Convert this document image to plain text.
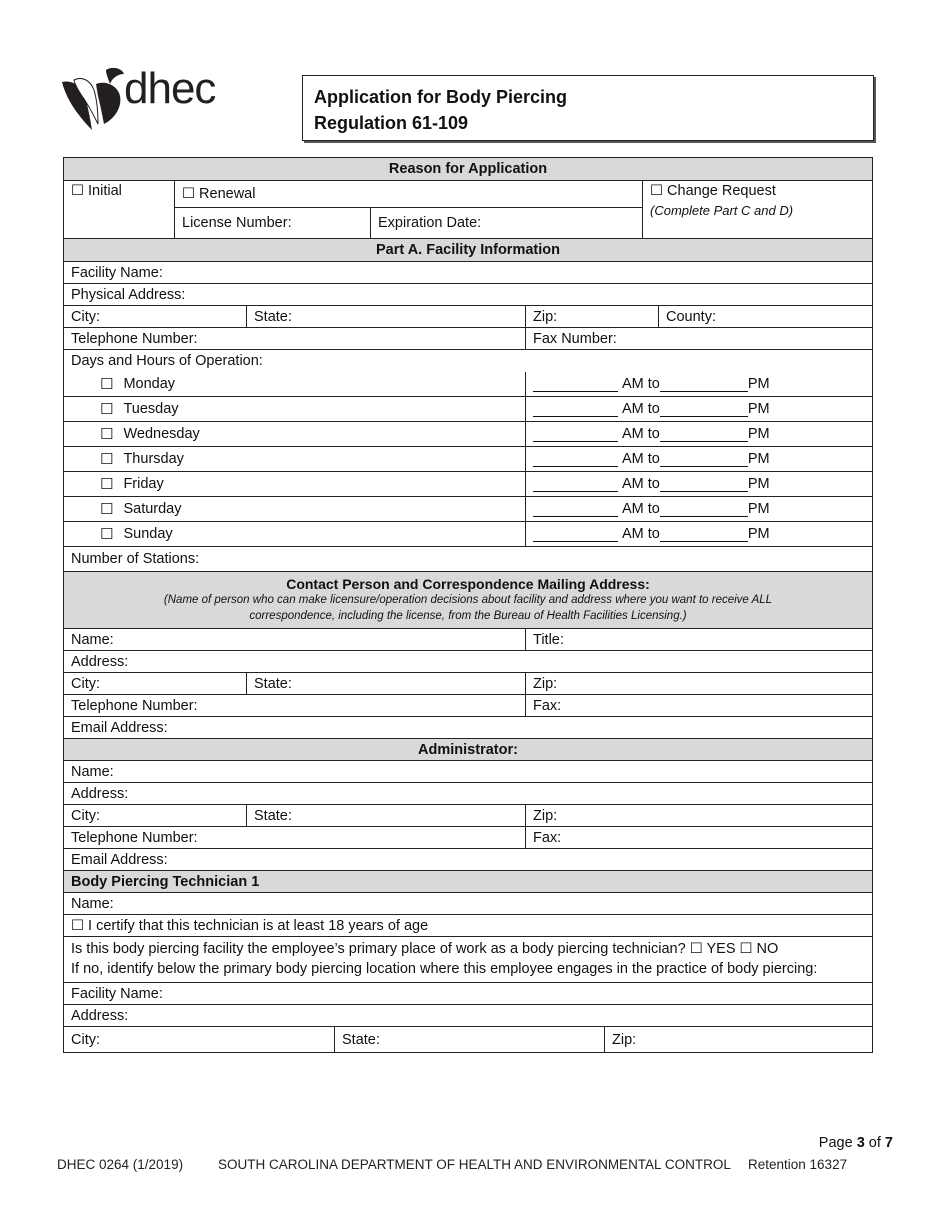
dhec	Application for Body Piercing
Regulation 61-109
Reason for Application
☐ Initial	☐ Renewal
License Number:	Expiration Date:
☐ Change Request
(Complete Part C and D)
Part A. Facility Information
Facility Name:
Physical Address:
City:	State:	Zip:	County:
Telephone Number:	Fax Number:
Days and Hours of Operation:
☐ Monday	AM to	PM
☐ Tuesday	AM to	PM
☐ Wednesday	AM to	PM
☐ Thursday	AM to	PM
☐ Friday	AM to	PM
☐ Saturday	AM to	PM
☐ Sunday	AM to	PM
Number of Stations:
Contact Person and Correspondence Mailing Address:
(Name of person who can make licensure/operation decisions about facility and address where you want to receive ALL
correspondence, including the license, from the Bureau of Health Facilities Licensing.)
Name:	Title:
Address:
City:	State:	Zip:
Telephone Number:	Fax:
Email Address:
Administrator:
Name:
Address:
City:	State:	Zip:
Telephone Number:	Fax:
Email Address:
Body Piercing Technician 1
Name:
☐ I certify that this technician is at least 18 years of age
Is this body piercing facility the employee’s primary place of work as a body piercing technician? ☐ YES ☐ NO
If no, identify below the primary body piercing location where this employee engages in the practice of body piercing:
Facility Name:
Address:
City:	State:	Zip:
Page 3 of 7
DHEC 0264 (1/2019)	SOUTH CAROLINA DEPARTMENT OF HEALTH AND ENVIRONMENTAL CONTROL Retention 16327
